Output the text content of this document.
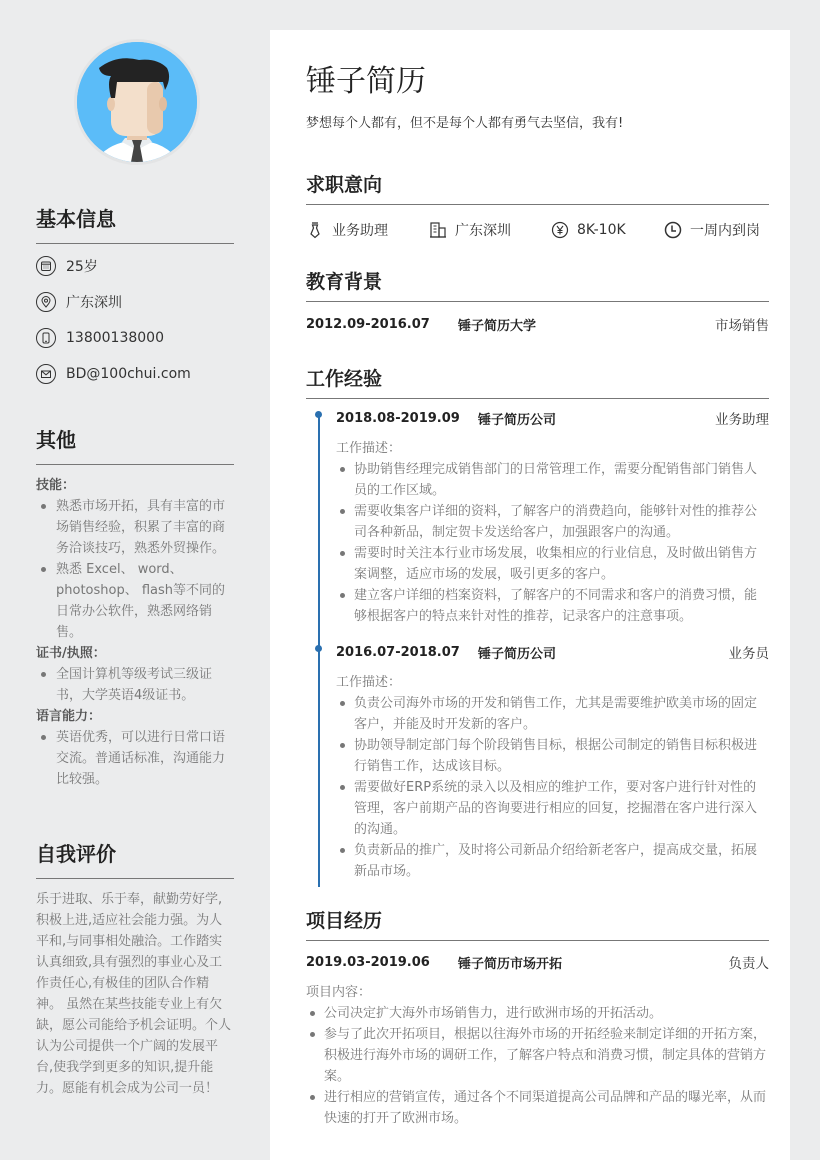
基本信息
25岁
广东深圳
13800138000
BD@100chui.com
其他
技能：
熟悉市场开拓，具有丰富的市场销售经验，积累了丰富的商务洽谈技巧，熟悉外贸操作。
熟悉 Excel、 word、photoshop、 flash等不同的日常办公软件，熟悉网络销售。
证书/执照：
全国计算机等级考试三级证书，大学英语4级证书。
语言能力：
英语优秀，可以进行日常口语交流。普通话标准，沟通能力比较强。
自我评价
乐于进取、乐于奉，献勤劳好学,积极上进,适应社会能力强。为人平和,与同事相处融洽。工作踏实认真细致,具有强烈的事业心及工作责任心,有极佳的团队合作精神。 虽然在某些技能专业上有欠缺，愿公司能给予机会证明。个人认为公司提供一个广阔的发展平台,使我学到更多的知识,提升能力。愿能有机会成为公司一员！
锤子简历
梦想每个人都有，但不是每个人都有勇气去坚信，我有!
求职意向
业务助理	广东深圳	8K-10K	一周内到岗
教育背景
2012.09-2016.07	锤子简历大学	市场销售
工作经验
2018.08-2019.09	锤子简历公司	业务助理
工作描述：
协助销售经理完成销售部门的日常管理工作，需要分配销售部门销售人员的工作区域。
需要收集客户详细的资料，了解客户的消费趋向，能够针对性的推荐公司各种新品，制定贺卡发送给客户，加强跟客户的沟通。
需要时时关注本行业市场发展，收集相应的行业信息，及时做出销售方案调整，适应市场的发展，吸引更多的客户。
建立客户详细的档案资料，了解客户的不同需求和客户的消费习惯，能够根据客户的特点来针对性的推荐，记录客户的注意事项。
2016.07-2018.07	锤子简历公司	业务员
工作描述：
负责公司海外市场的开发和销售工作，尤其是需要维护欧美市场的固定客户，并能及时开发新的客户。
协助领导制定部门每个阶段销售目标，根据公司制定的销售目标积极进行销售工作，达成该目标。
需要做好ERP系统的录入以及相应的维护工作，要对客户进行针对性的管理，客户前期产品的咨询要进行相应的回复，挖掘潜在客户进行深入的沟通。
负责新品的推广，及时将公司新品介绍给新老客户，提高成交量，拓展新品市场。
项目经历
2019.03-2019.06	锤子简历市场开拓	负责人
项目内容：
公司决定扩大海外市场销售力，进行欧洲市场的开拓活动。
参与了此次开拓项目，根据以往海外市场的开拓经验来制定详细的开拓方案，积极进行海外市场的调研工作，了解客户特点和消费习惯，制定具体的营销方案。
进行相应的营销宣传，通过各个不同渠道提高公司品牌和产品的曝光率，从而快速的打开了欧洲市场。
